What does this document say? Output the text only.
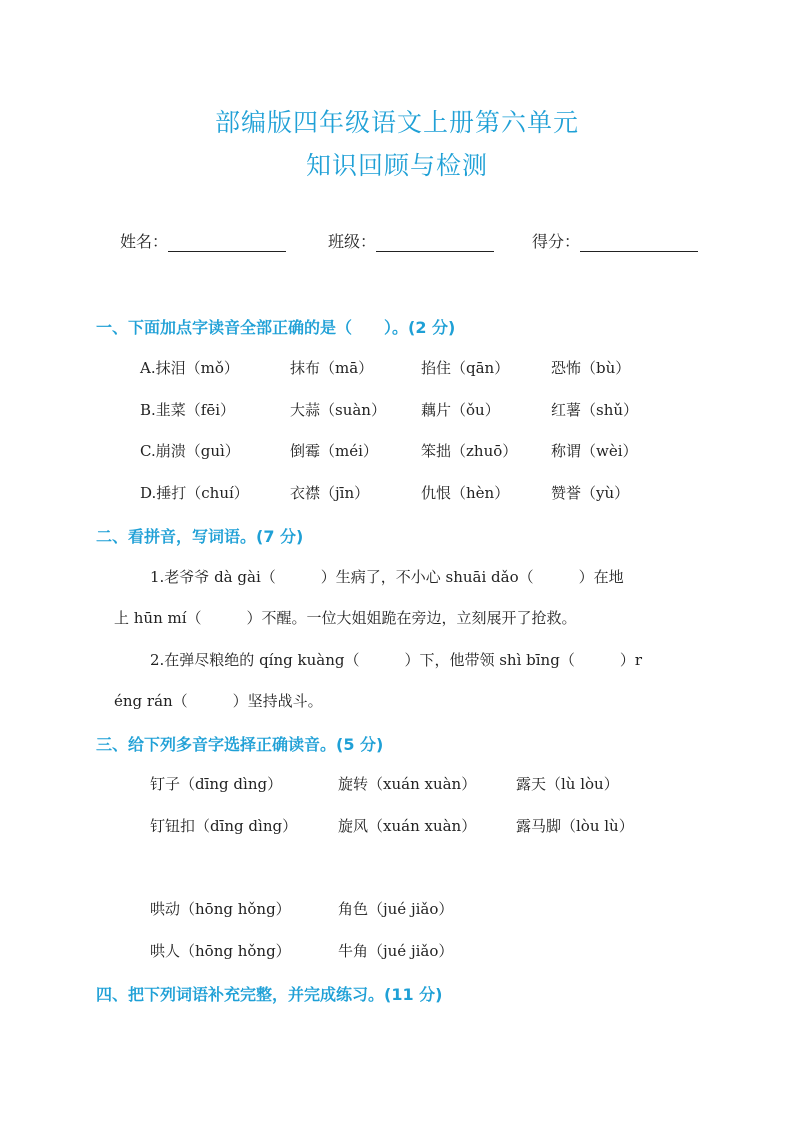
部编版四年级语文上册第六单元
知识回顾与检测
姓名：	班级：	得分：
一、下面加点字读音全部正确的是（　　）。(2 分)
A.抹泪（mǒ）	抹布（mā）	掐住（qān）	恐怖（bù）
B.韭菜（fēi）	大蒜（suàn） 藕片（ǒu）	红薯（shǔ）
C.崩溃（guì）	倒霉（méi）	笨拙（zhuō） 称谓（wèi）
D.捶打（chuí）	衣襟（jīn）	仇恨（hèn）	赞誉（yù）
二、看拼音，写词语。(7 分)
1.老爷爷 dà gài（　　　）生病了，不小心 shuāi dǎo（　　　）在地
上 hūn mí（　　　）不醒。一位大姐姐跪在旁边，立刻展开了抢救。
2.在弹尽粮绝的 qíng kuàng（　　　）下，他带领 shì bīng（　　　）r
éng rán（　　　）坚持战斗。
三、给下列多音字选择正确读音。(5 分)
钉子（dīng dìng）	旋转（xuán xuàn）	露天（lù lòu）
钉钮扣（dīng dìng）	旋风（xuán xuàn）	露马脚（lòu lù）
哄动（hōng hǒng）	角色（jué jiǎo）
哄人（hōng hǒng）	牛角（jué jiǎo）
四、把下列词语补充完整，并完成练习。(11 分)
